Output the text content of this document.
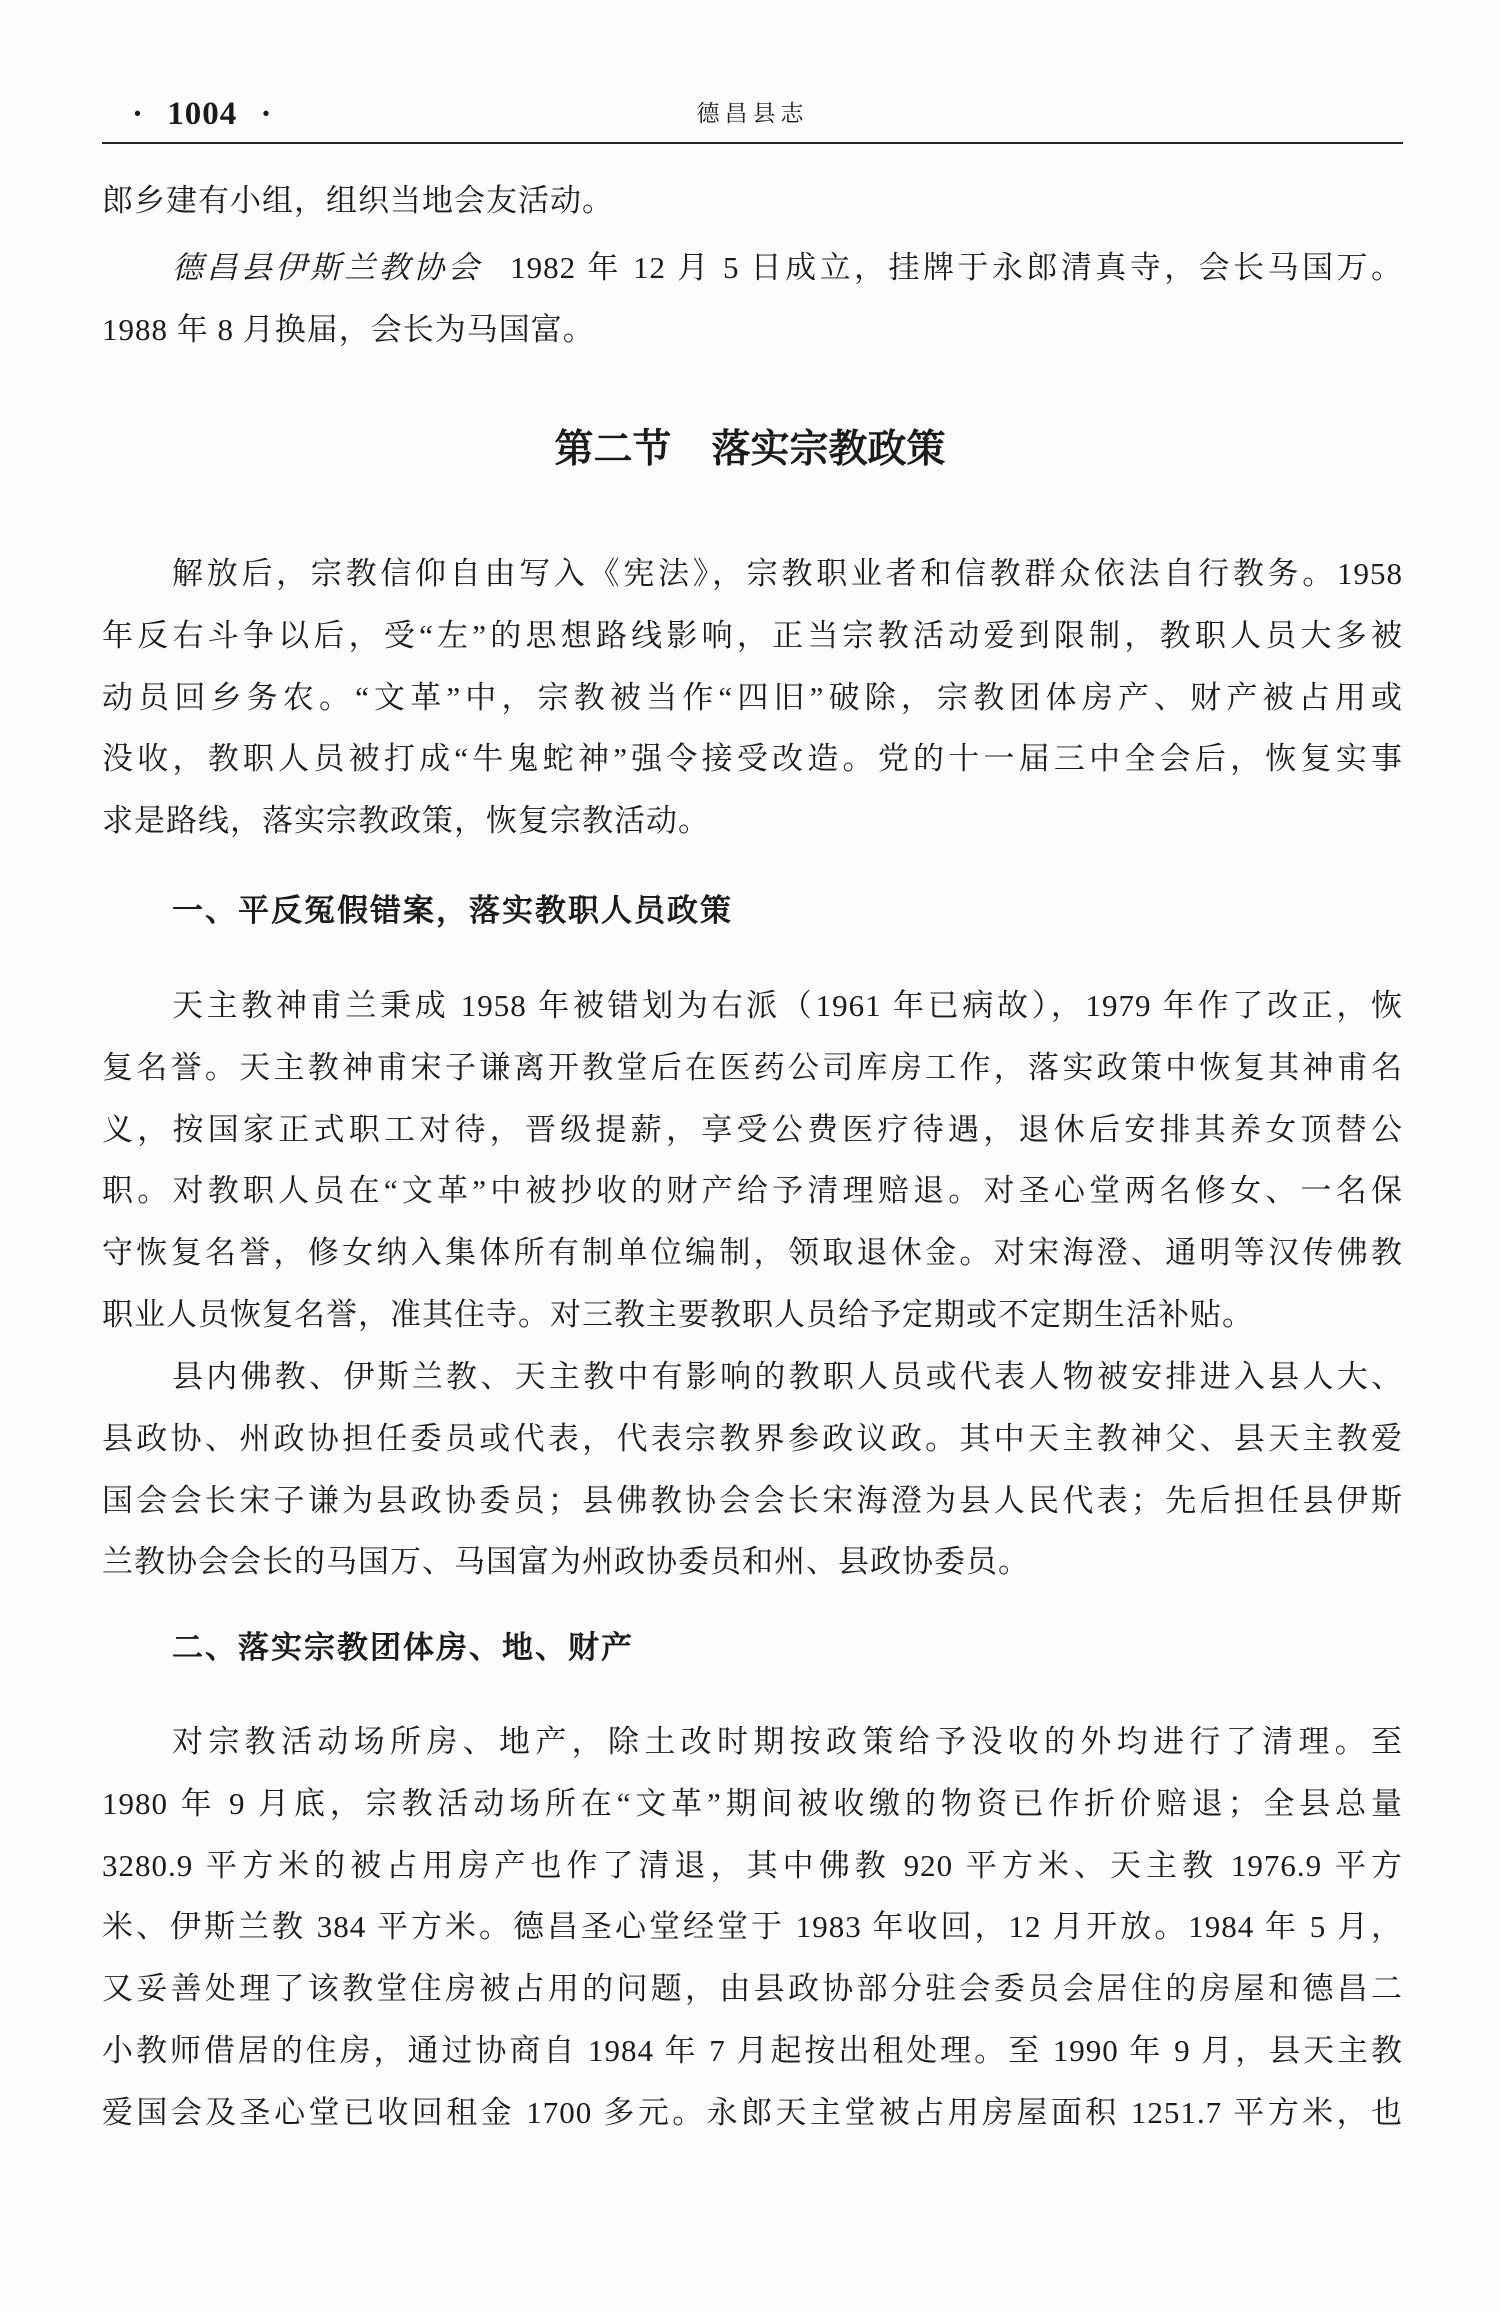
· 1004 ·	德昌县志
郎乡建有小组，组织当地会友活动。
德昌县伊斯兰教协会 1982 年 12 月 5 日成立，挂牌于永郎清真寺，会长马国万。
1988 年 8 月换届，会长为马国富。
第二节 落实宗教政策
解放后，宗教信仰自由写入《宪法》，宗教职业者和信教群众依法自行教务。1958
年反右斗争以后，受“左”的思想路线影响，正当宗教活动爱到限制，教职人员大多被
动员回乡务农。“文革”中，宗教被当作“四旧”破除，宗教团体房产、财产被占用或
没收，教职人员被打成“牛鬼蛇神”强令接受改造。党的十一届三中全会后，恢复实事
求是路线，落实宗教政策，恢复宗教活动。
一、平反冤假错案，落实教职人员政策
天主教神甫兰秉成 1958 年被错划为右派（1961 年已病故），1979 年作了改正，恢
复名誉。天主教神甫宋子谦离开教堂后在医药公司库房工作，落实政策中恢复其神甫名
义，按国家正式职工对待，晋级提薪，享受公费医疗待遇，退休后安排其养女顶替公
职。对教职人员在“文革”中被抄收的财产给予清理赔退。对圣心堂两名修女、一名保
守恢复名誉，修女纳入集体所有制单位编制，领取退休金。对宋海澄、通明等汉传佛教
职业人员恢复名誉，准其住寺。对三教主要教职人员给予定期或不定期生活补贴。
县内佛教、伊斯兰教、天主教中有影响的教职人员或代表人物被安排进入县人大、
县政协、州政协担任委员或代表，代表宗教界参政议政。其中天主教神父、县天主教爱
国会会长宋子谦为县政协委员；县佛教协会会长宋海澄为县人民代表；先后担任县伊斯
兰教协会会长的马国万、马国富为州政协委员和州、县政协委员。
二、落实宗教团体房、地、财产
对宗教活动场所房、地产，除土改时期按政策给予没收的外均进行了清理。至
1980 年 9 月底，宗教活动场所在“文革”期间被收缴的物资已作折价赔退；全县总量
3280.9 平方米的被占用房产也作了清退，其中佛教 920 平方米、天主教 1976.9 平方
米、伊斯兰教 384 平方米。德昌圣心堂经堂于 1983 年收回，12 月开放。1984 年 5 月，
又妥善处理了该教堂住房被占用的问题，由县政协部分驻会委员会居住的房屋和德昌二
小教师借居的住房，通过协商自 1984 年 7 月起按出租处理。至 1990 年 9 月，县天主教
爱国会及圣心堂已收回租金 1700 多元。永郎天主堂被占用房屋面积 1251.7 平方米，也
